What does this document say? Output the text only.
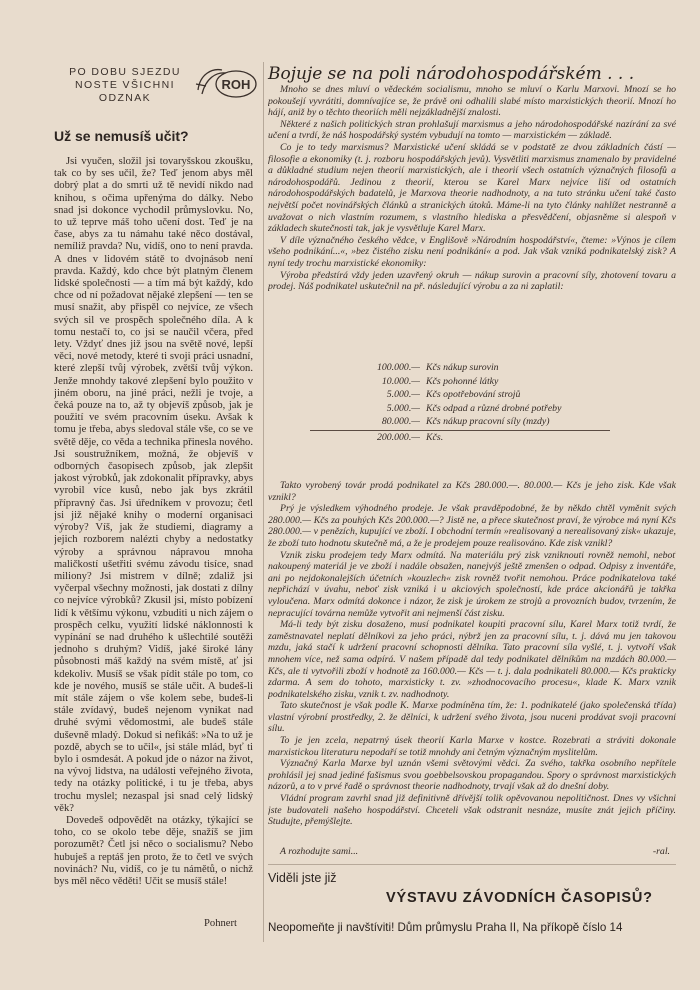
PO DOBU SJEZDU
NOSTE VŠICHNI
ODZNAK
ROH
Už se nemusíš učit?

Jsi vyučen, složil jsi tovaryšskou zkoušku, tak co by ses učil, že? Teď jenom abys měl dobrý plat a do smrti už tě nevidí nikdo nad knihou, s očima upřenýma do dálky. Nebo snad jsi dokonce vychodil průmyslovku. No, to už teprve máš toho učení dost. Teď je na čase, abys za tu námahu také něco dostával, nemíliž pravda? Nu, vidíš, ono to není pravda. A dnes v lidovém státě to dvojnásob není pravda. Každý, kdo chce být platným členem lidské společnosti — a tím má být každý, kdo chce od ní požadovat nějaké zlepšení — ten se musí snažit, aby přispěl co nejvíce, ze všech svých sil ve prospěch společného díla. A k tomu nestačí to, co jsi se naučil včera, před lety. Vždyť dnes již jsou na světě nové, lepší věci, nové metody, které ti svoji práci usnadní, které zlepší tvůj výrobek, zvětší tvůj výkon. Jenže mnohdy takové zlepšení bylo použito v jiném oboru, na jiné práci, nežli je tvoje, a čeká pouze na to, až ty objevíš způsob, jak je použití ve svém pracovním úseku. Avšak k tomu je třeba, abys sledoval stále vše, co se ve světě děje, co věda a technika přinesla nového. Jsi soustružníkem, možná, že objevíš v odborných časopisech způsob, jak zlepšit jakost výrobků, jak zdokonalit přípravky, abys vyrobil více kusů, nebo jak bys zkrátil přípravný čas. Jsi úředníkem v provozu; četl jsi již nějaké knihy o moderní organisaci výroby? Víš, jak že studiemi, diagramy a jejich rozborem nalézti chyby a nedostatky výroby a správnou nápravou mnoha maličkostí ušetřiti svému závodu tisíce, snad miliony? Jsi mistrem v dílně; zdaliž jsi vyčerpal všechny možnosti, jak dostati z dílny co nejvíce výrobků? Zkusil jsi, místo pobízení lidí k většímu výkonu, vzbuditi u nich zájem o prospěch celku, využití lidské náklonnosti k vypínání se nad druhého k ušlechtilé soutěži jednoho s druhým? Vidíš, jaké široké lány působnosti máš každý na svém místě, ať jsi kdekoliv. Musíš se však pídit stále po tom, co kde je nového, musíš se stále učit. A budeš-li mít stále zájem o vše kolem sebe, budeš-li stále zvídavý, budeš nejenom vynikat nad druhé svými vědomostmi, ale budeš stále duševně mladý. Dokud si nefikáš: »Na to už je pozdě, abych se to učil«, jsi stále mlád, byť ti bylo i osmdesát. A pokud jde o názor na život, na vývoj lidstva, na události veřejného života, tedy na otázky politické, i tu je třeba, abys trochu myslel; nezaspal jsi snad celý lidský věk?

Dovedeš odpovědět na otázky, týkající se toho, co se okolo tebe děje, snažíš se jim porozumět? Četl jsi něco o socialismu? Nebo hubuješ a reptáš jen proto, že to četl ve svých novinách? Nu, vidíš, co je tu námětů, o nichž bys měl něco věděti! Učit se musíš stále!

Pohnert
Bojuje se na poli národohospodářském . . .

Mnoho se dnes mluví o vědeckém socialismu, mnoho se mluví o Karlu Marxovi. Mnozí se ho pokoušejí vyvrátiti, domnívajíce se, že právě oni odhalili slabé místo marxistických theorií. Mnozí ho hájí, aniž by o těchto theoriích měli nejzákladnější znalosti.

Některé z našich politických stran prohlašují marxismus a jeho národohospodářské nazírání za své učení a tvrdí, že náš hospodářský systém vybudují na tomto — marxistickém — základě.

Co je to tedy marxismus? Marxistické učení skládá se v podstatě ze dvou základních částí — filosofie a ekonomiky (t. j. rozboru hospodářských jevů). Vysvětliti marxismus znamenalo by pravidelné a důkladné studium nejen theorií marxistických, ale i theorií všech ostatních význačných filosofů a národohospodářů. Jedinou z theorií, kterou se Karel Marx nejvíce liší od ostatních národohospodářských badatelů, je Marxova theorie nadhodnoty, a na tuto stránku učení také často největší počet novinářských článků a stranických útoků. Máme-li na tyto články nahlížet nestranně a uvažovat o nich vlastním rozumem, s vlastního hlediska a přesvědčení, objasněme si alespoň v základech skutečnosti tak, jak je vysvětluje Karel Marx.

V díle význačného českého vědce, v Englišově »Národním hospodářství«, čteme: »Výnos je cílem všeho podnikání...«, »bez čistého zisku není podnikání« a pod. Jak však vzniká podnikatelský zisk? A nyní tedy trochu marxistické ekonomiky:

Výroba předstírá vždy jeden uzavřený okruh — nákup surovin a pracovní síly, zhotovení tovaru a prodej. Náš podnikatel uskutečnil na př. následující výrobu a za ni zaplatil:

100.000.— Kčs nákup surovin
10.000.— Kčs pohonné látky
5.000.— Kčs opotřebování strojů
5.000.— Kčs odpad a různé drobné potřeby
80.000.— Kčs nákup pracovní síly (mzdy)
200.000.— Kčs.

Takto vyrobený továr prodá podnikatel za Kčs 280.000.—. 80.000.— Kčs je jeho zisk. Kde však vznikl?

Prý je výsledkem výhodného prodeje. Je však pravděpodobné, že by někdo chtěl vyměnit svých 280.000.— Kčs za pouhých Kčs 200.000.—? Jistě ne, a přece skutečnost praví, že výrobce má nyní Kčs 280.000.— v penězích, kupující ve zboží. I obchodní termín »realisovaný a nerealisovaný zisk« ukazuje, že zboží tuto hodnotu skutečně má, a že je prodejem pouze realisováno. Kde zisk vznikl?

Vznik zisku prodejem tedy Marx odmítá. Na materiálu prý zisk vzniknouti rovněž nemohl, neboť nakoupený materiál je ve zboží i nadále obsažen, nanejvýš ještě zmenšen o odpad. Odpisy z inventáře, ani po nejdokonalejších účetních »kouzlech« zisk rovněž tvořit nemohou. Práce podnikatelova také nepřichází v úvahu, neboť zisk vzniká i u akciových společností, kde práce akcionářů je takřka vyloučena. Marx odmítá dokonce i názor, že zisk je úrokem ze strojů a provozních budov, tvrzením, že nepracující továrna nemůže vytvořit ani nejmenší část zisku.

Má-li tedy být zisku dosaženo, musí podnikatel koupiti pracovní sílu, Karel Marx totiž tvrdí, že zaměstnavatel neplatí dělníkovi za jeho práci, nýbrž jen za pracovní sílu, t. j. dává mu jen takovou mzdu, jaká stačí k udržení pracovní schopnosti dělníka. Tato pracovní síla vyšlé, t. j. vytvoří však mnohem více, než sama odpírá. V našem případě dal tedy podnikatel dělníkům na mzdách 80.000.— Kčs, ale ti vytvořili zboží v hodnotě za 160.000.— Kčs — t. j. dala podnikateli 80.000.— Kčs prakticky zdarma. A sem do tohoto, marxisticky t. zv. »zhodnocovacího procesu«, klade K. Marx vznik podnikatelského zisku, vznik t. zv. nadhodnoty.

Tato skutečnost je však podle K. Marxe podmíněna tím, že: 1. podnikatelé (jako společenská třída) vlastní výrobní prostředky, 2. že dělníci, k udržení svého života, jsou nuceni prodávat svoji pracovní sílu.

To je jen zcela, nepatrný úsek theorií Karla Marxe v kostce. Rozebrati a stráviti dokonale marxistickou literaturu nepodaří se totiž mnohdy ani četným význačným myslitelům.

Význačný Karla Marxe byl uznán všemi světovými vědci. Za svého, takřka osobního nepřítele prohlásil jej snad jediné fašismus svou goebbelsovskou propagandou. Spory o správnost marxistických názorů, a to v prvé řadě o správnost theorie nadhodnoty, trvají však až do dnešní doby.

Vládní program zavrhl snad již definitivně dřívější tolik opěvovanou nepolitičnost. Dnes vy všichni jste budovateli našeho hospodářství. Chceteli však odstranit nesnáze, musíte znát jejich příčiny. Studujte, přemýšlejte.

A rozhodujte sami...	-ral.
Viděli jste již
VÝSTAVU ZÁVODNÍCH ČASOPISŮ?
Neopomeňte ji navštíviti! Dům průmyslu Praha II, Na příkopě číslo 14
